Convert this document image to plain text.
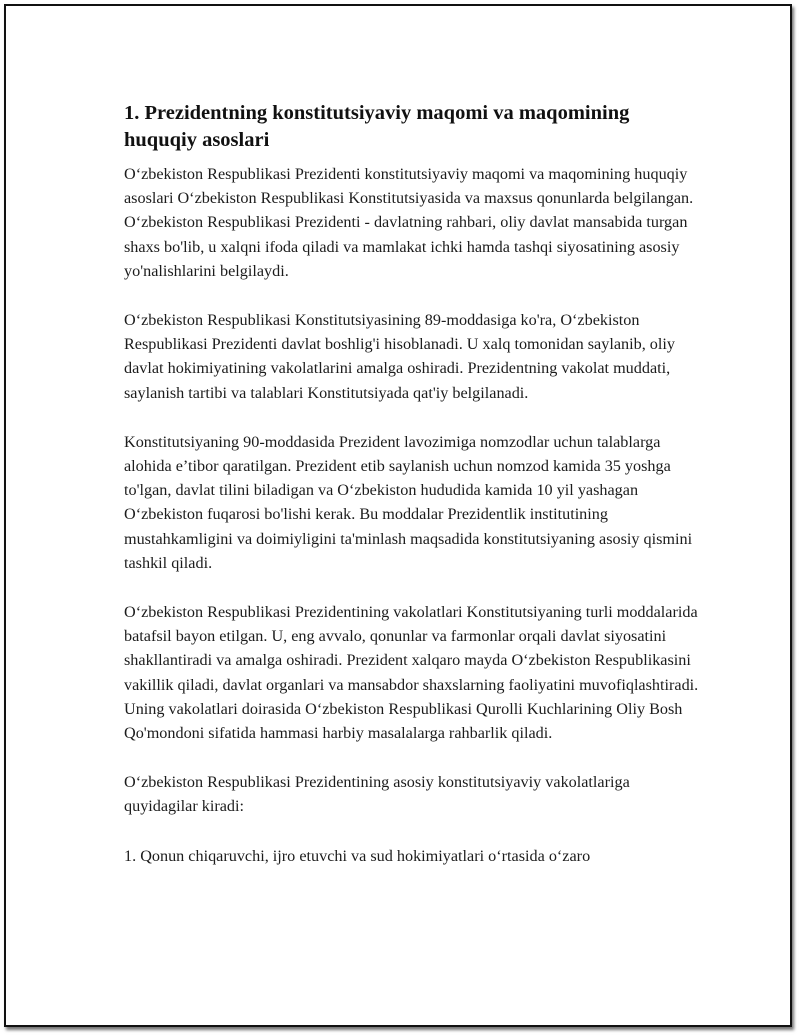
1. Prezidentning konstitutsiyaviy maqomi va maqomining huquqiy asoslari

O‘zbekiston Respublikasi Prezidenti konstitutsiyaviy maqomi va maqomining huquqiy asoslari O‘zbekiston Respublikasi Konstitutsiyasida va maxsus qonunlarda belgilangan. O‘zbekiston Respublikasi Prezidenti - davlatning rahbari, oliy davlat mansabida turgan shaxs bo'lib, u xalqni ifoda qiladi va mamlakat ichki hamda tashqi siyosatining asosiy yo'nalishlarini belgilaydi.

O‘zbekiston Respublikasi Konstitutsiyasining 89-moddasiga ko'ra, O‘zbekiston Respublikasi Prezidenti davlat boshlig'i hisoblanadi. U xalq tomonidan saylanib, oliy davlat hokimiyatining vakolatlarini amalga oshiradi. Prezidentning vakolat muddati, saylanish tartibi va talablari Konstitutsiyada qat'iy belgilanadi.

Konstitutsiyaning 90-moddasida Prezident lavozimiga nomzodlar uchun talablarga alohida e’tibor qaratilgan. Prezident etib saylanish uchun nomzod kamida 35 yoshga to'lgan, davlat tilini biladigan va O‘zbekiston hududida kamida 10 yil yashagan O‘zbekiston fuqarosi bo'lishi kerak. Bu moddalar Prezidentlik institutining mustahkamligini va doimiyligini ta'minlash maqsadida konstitutsiyaning asosiy qismini tashkil qiladi.

O‘zbekiston Respublikasi Prezidentining vakolatlari Konstitutsiyaning turli moddalarida batafsil bayon etilgan. U, eng avvalo, qonunlar va farmonlar orqali davlat siyosatini shakllantiradi va amalga oshiradi. Prezident xalqaro mayda O‘zbekiston Respublikasini vakillik qiladi, davlat organlari va mansabdor shaxslarning faoliyatini muvofiqlashtiradi. Uning vakolatlari doirasida O‘zbekiston Respublikasi Qurolli Kuchlarining Oliy Bosh Qo'mondoni sifatida hammasi harbiy masalalarga rahbarlik qiladi.

O‘zbekiston Respublikasi Prezidentining asosiy konstitutsiyaviy vakolatlariga quyidagilar kiradi:

1. Qonun chiqaruvchi, ijro etuvchi va sud hokimiyatlari o‘rtasida o‘zaro
